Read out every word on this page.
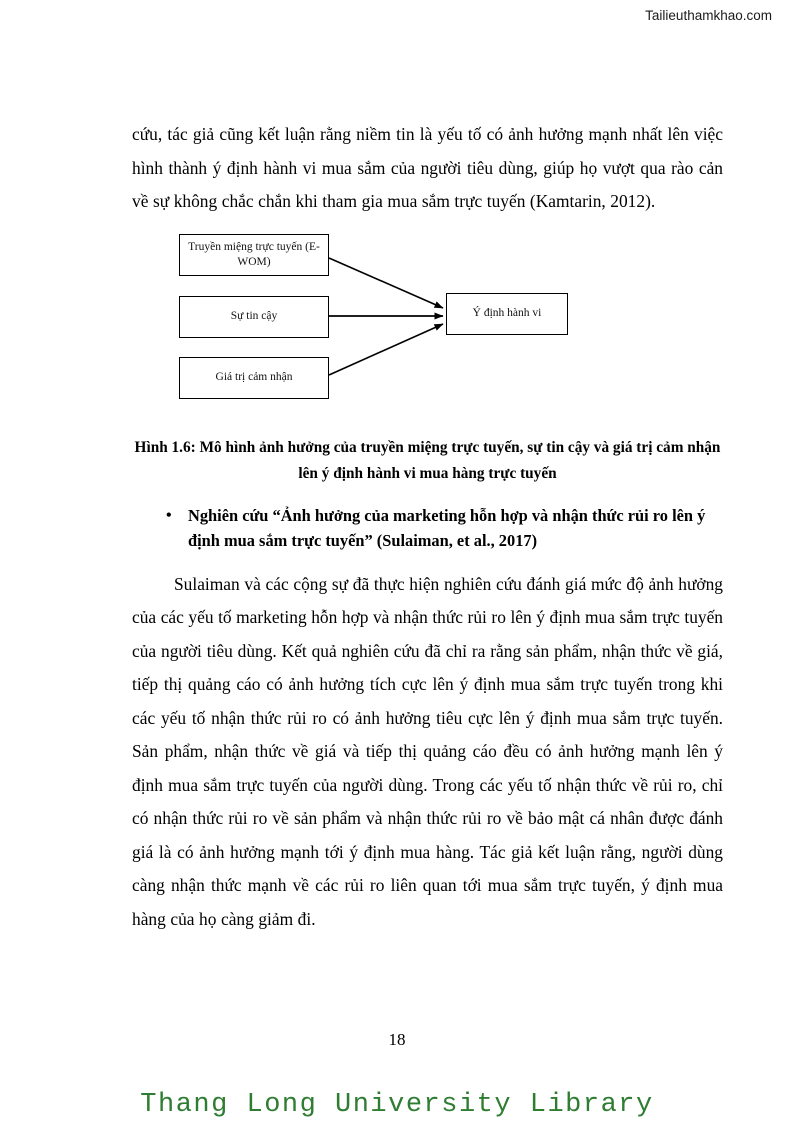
Tailieuthamkhao.com

cứu, tác giả cũng kết luận rằng niềm tin là yếu tố có ảnh hưởng mạnh nhất lên việc hình thành ý định hành vi mua sắm của người tiêu dùng, giúp họ vượt qua rào cản về sự không chắc chắn khi tham gia mua sắm trực tuyến (Kamtarin, 2012).

Truyền miệng trực tuyến (E-WOM)
Sự tin cậy
Giá trị cảm nhận
Ý định hành vi

Hình 1.6: Mô hình ảnh hưởng của truyền miệng trực tuyến, sự tin cậy và giá trị cảm nhận lên ý định hành vi mua hàng trực tuyến

• Nghiên cứu “Ảnh hưởng của marketing hỗn hợp và nhận thức rủi ro lên ý định mua sắm trực tuyến” (Sulaiman, et al., 2017)

Sulaiman và các cộng sự đã thực hiện nghiên cứu đánh giá mức độ ảnh hưởng của các yếu tố marketing hỗn hợp và nhận thức rủi ro lên ý định mua sắm trực tuyến của người tiêu dùng. Kết quả nghiên cứu đã chỉ ra rằng sản phẩm, nhận thức về giá, tiếp thị quảng cáo có ảnh hưởng tích cực lên ý định mua sắm trực tuyến trong khi các yếu tố nhận thức rủi ro có ảnh hưởng tiêu cực lên ý định mua sắm trực tuyến. Sản phẩm, nhận thức về giá và tiếp thị quảng cáo đều có ảnh hưởng mạnh lên ý định mua sắm trực tuyến của người dùng. Trong các yếu tố nhận thức về rủi ro, chỉ có nhận thức rủi ro về sản phẩm và nhận thức rủi ro về bảo mật cá nhân được đánh giá là có ảnh hưởng mạnh tới ý định mua hàng. Tác giả kết luận rằng, người dùng càng nhận thức mạnh về các rủi ro liên quan tới mua sắm trực tuyến, ý định mua hàng của họ càng giảm đi.

18
Thang Long University Library
